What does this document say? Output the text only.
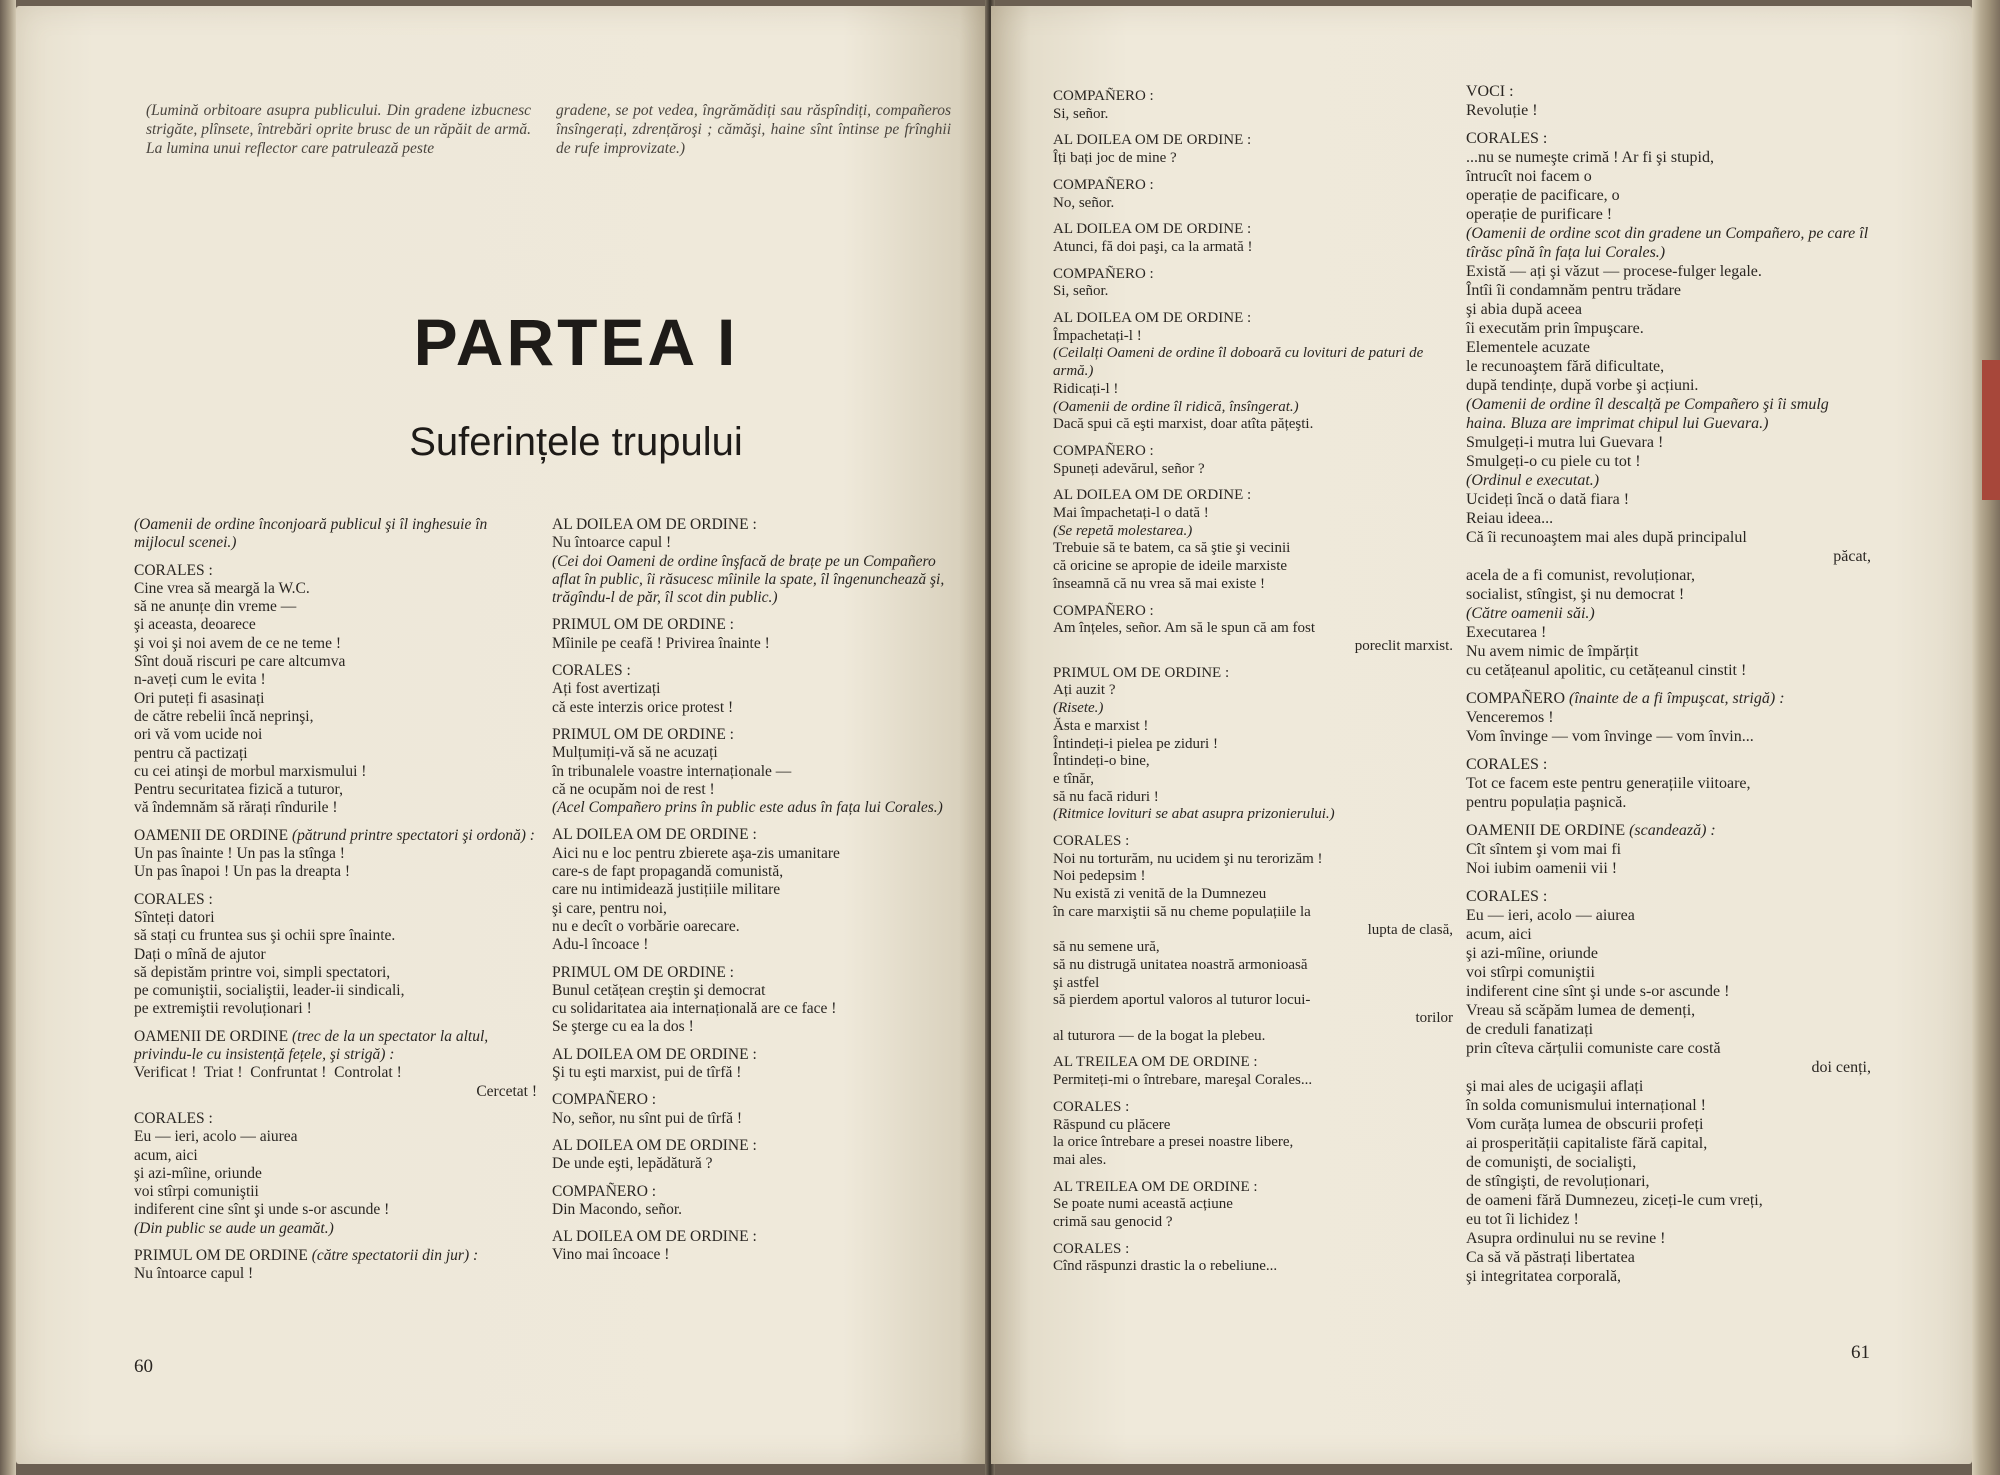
(Lumină orbitoare asupra publicului. Din gradene izbucnesc strigăte, plînsete, întrebări oprite brusc de un răpăit de armă. La lumina unui reflector care patrulează peste
gradene, se pot vedea, îngrămădiți sau răspîndiți, compañeros însîngerați, zdrențăroşi ; cămăşi, haine sînt întinse pe frînghii de rufe improvizate.)
PARTEA I
Suferințele trupului
(Oamenii de ordine înconjoară publicul şi îl inghesuie în mijlocul scenei.)
CORALES :
Cine vrea să meargă la W.C.
să ne anunțe din vreme —
şi aceasta, deoarece
şi voi şi noi avem de ce ne teme !
Sînt două riscuri pe care altcumva
n-aveți cum le evita !
Ori puteți fi asasinați
de către rebelii încă neprinşi,
ori vă vom ucide noi
pentru că pactizați
cu cei atinşi de morbul marxismului !
Pentru securitatea fizică a tuturor,
vă îndemnăm să rărați rîndurile !
OAMENII DE ORDINE (pătrund printre spectatori şi ordonă) :
Un pas înainte ! Un pas la stînga !
Un pas înapoi ! Un pas la dreapta !
CORALES :
Sînteți datori
să stați cu fruntea sus şi ochii spre înainte.
Dați o mînă de ajutor
să depistăm printre voi, simpli spectatori,
pe comuniştii, socialiştii, leader-ii sindicali,
pe extremiştii revoluționari !
OAMENII DE ORDINE (trec de la un spectator la altul, privindu-le cu insistență fețele, şi strigă) :
Verificat !  Triat !  Confruntat !  Controlat !
Cercetat !
CORALES :
Eu — ieri, acolo — aiurea
acum, aici
şi azi-mîine, oriunde
voi stîrpi comuniştii
indiferent cine sînt şi unde s-or ascunde !
(Din public se aude un geamăt.)
PRIMUL OM DE ORDINE (către spectatorii din jur) :
Nu întoarce capul !
AL DOILEA OM DE ORDINE :
Nu întoarce capul !
(Cei doi Oameni de ordine înşfacă de brațe pe un Compañero aflat în public, îi răsucesc mîinile la spate, îl îngenunchează şi, trăgîndu-l de păr, îl scot din public.)
PRIMUL OM DE ORDINE :
Mîinile pe ceafă ! Privirea înainte !
CORALES :
Ați fost avertizați
că este interzis orice protest !
PRIMUL OM DE ORDINE :
Mulțumiți-vă să ne acuzați
în tribunalele voastre internaționale —
că ne ocupăm noi de rest !
(Acel Compañero prins în public este adus în fața lui Corales.)
AL DOILEA OM DE ORDINE :
Aici nu e loc pentru zbierete aşa-zis umanitare
care-s de fapt propagandă comunistă,
care nu intimidează justițiile militare
şi care, pentru noi,
nu e decît o vorbărie oarecare.
Adu-l încoace !
PRIMUL OM DE ORDINE :
Bunul cetățean creştin şi democrat
cu solidaritatea aia internațională are ce face !
Se şterge cu ea la dos !
AL DOILEA OM DE ORDINE :
Şi tu eşti marxist, pui de tîrfă !
COMPAÑERO :
No, señor, nu sînt pui de tîrfă !
AL DOILEA OM DE ORDINE :
De unde eşti, lepădătură ?
COMPAÑERO :
Din Macondo, señor.
AL DOILEA OM DE ORDINE :
Vino mai încoace !
60
COMPAÑERO :
Si, señor.
AL DOILEA OM DE ORDINE :
Îți bați joc de mine ?
COMPAÑERO :
No, señor.
AL DOILEA OM DE ORDINE :
Atunci, fă doi paşi, ca la armată !
COMPAÑERO :
Si, señor.
AL DOILEA OM DE ORDINE :
Împachetați-l !
(Ceilalți Oameni de ordine îl doboară cu lovituri de paturi de armă.)
Ridicați-l !
(Oamenii de ordine îl ridică, însîngerat.)
Dacă spui că eşti marxist, doar atîta pățeşti.
COMPAÑERO :
Spuneți adevărul, señor ?
AL DOILEA OM DE ORDINE :
Mai împachetați-l o dată !
(Se repetă molestarea.)
Trebuie să te batem, ca să ştie şi vecinii
că oricine se apropie de ideile marxiste
înseamnă că nu vrea să mai existe !
COMPAÑERO :
Am înțeles, señor. Am să le spun că am fost
poreclit marxist.
PRIMUL OM DE ORDINE :
Ați auzit ?
(Risete.)
Ăsta e marxist !
Întindeți-i pielea pe ziduri !
Întindeți-o bine,
e tînăr,
să nu facă riduri !
(Ritmice lovituri se abat asupra prizonierului.)
CORALES :
Noi nu torturăm, nu ucidem şi nu terorizăm !
Noi pedepsim !
Nu există zi venită de la Dumnezeu
în care marxiştii să nu cheme populațiile la
lupta de clasă,
să nu semene ură,
să nu distrugă unitatea noastră armonioasă
şi astfel
să pierdem aportul valoros al tuturor locui-
torilor
al tuturora — de la bogat la plebeu.
AL TREILEA OM DE ORDINE :
Permiteți-mi o întrebare, mareşal Corales...
CORALES :
Răspund cu plăcere
la orice întrebare a presei noastre libere,
mai ales.
AL TREILEA OM DE ORDINE :
Se poate numi această acțiune
crimă sau genocid ?
CORALES :
Cînd răspunzi drastic la o rebeliune...
VOCI :
Revoluție !
CORALES :
...nu se numeşte crimă ! Ar fi şi stupid,
întrucît noi facem o
operație de pacificare, o
operație de purificare !
(Oamenii de ordine scot din gradene un Compañero, pe care îl tîrăsc pînă în fața lui Corales.)
Există — ați şi văzut — procese-fulger legale.
Întîi îi condamnăm pentru trădare
şi abia după aceea
îi executăm prin împuşcare.
Elementele acuzate
le recunoaştem fără dificultate,
după tendințe, după vorbe şi acțiuni.
(Oamenii de ordine îl descalță pe Compañero şi îi smulg haina. Bluza are imprimat chipul lui Guevara.)
Smulgeți-i mutra lui Guevara !
Smulgeți-o cu piele cu tot !
(Ordinul e executat.)
Ucideți încă o dată fiara !
Reiau ideea...
Că îi recunoaştem mai ales după principalul
păcat,
acela de a fi comunist, revoluționar,
socialist, stîngist, şi nu democrat !
(Către oamenii săi.)
Executarea !
Nu avem nimic de împărțit
cu cetățeanul apolitic, cu cetățeanul cinstit !
COMPAÑERO (înainte de a fi împuşcat, strigă) :
Venceremos !
Vom învinge — vom învinge — vom învin...
CORALES :
Tot ce facem este pentru generațiile viitoare,
pentru populația paşnică.
OAMENII DE ORDINE (scandează) :
Cît sîntem şi vom mai fi
Noi iubim oamenii vii !
CORALES :
Eu — ieri, acolo — aiurea
acum, aici
şi azi-mîine, oriunde
voi stîrpi comuniştii
indiferent cine sînt şi unde s-or ascunde !
Vreau să scăpăm lumea de demenți,
de creduli fanatizați
prin cîteva cărțulii comuniste care costă
doi cenți,
şi mai ales de ucigaşii aflați
în solda comunismului internațional !
Vom curăța lumea de obscurii profeți
ai prosperității capitaliste fără capital,
de comunişti, de socialişti,
de stîngişti, de revoluționari,
de oameni fără Dumnezeu, ziceți-le cum vreți,
eu tot îi lichidez !
Asupra ordinului nu se revine !
Ca să vă păstrați libertatea
şi integritatea corporală,
61
